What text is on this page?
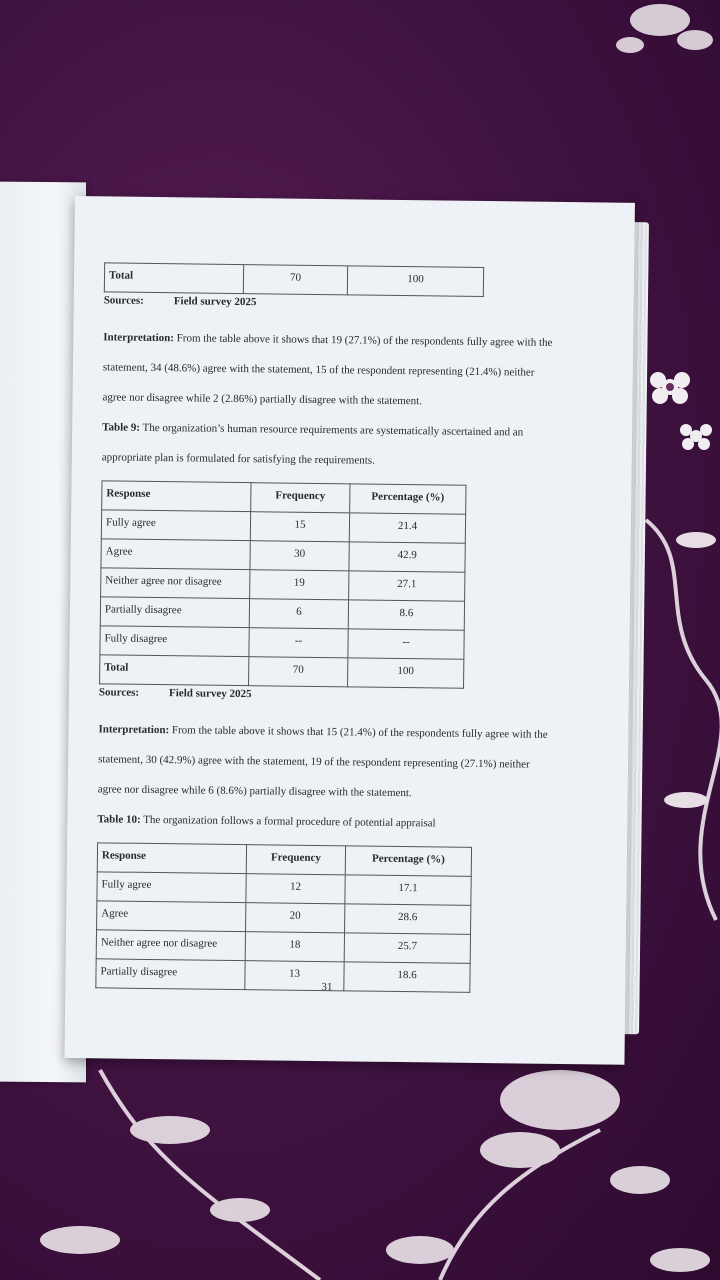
Total	70	100
Sources:	Field survey 2025

Interpretation: From the table above it shows that 19 (27.1%) of the respondents fully agree with the statement, 34 (48.6%) agree with the statement, 15 of the respondent representing (21.4%) neither agree nor disagree while 2 (2.86%) partially disagree with the statement.

Table 9: The organization’s human resource requirements are systematically ascertained and an appropriate plan is formulated for satisfying the requirements.

Response	Frequency	Percentage (%)
Fully agree	15	21.4
Agree	30	42.9
Neither agree nor disagree	19	27.1
Partially disagree	6	8.6
Fully disagree	--	--
Total	70	100
Sources:	Field survey 2025

Interpretation: From the table above it shows that 15 (21.4%) of the respondents fully agree with the statement, 30 (42.9%) agree with the statement, 19 of the respondent representing (27.1%) neither agree nor disagree while 6 (8.6%) partially disagree with the statement.

Table 10: The organization follows a formal procedure of potential appraisal

Response	Frequency	Percentage (%)
Fully agree	12	17.1
Agree	20	28.6
Neither agree nor disagree	18	25.7
Partially disagree	13	18.6
31
